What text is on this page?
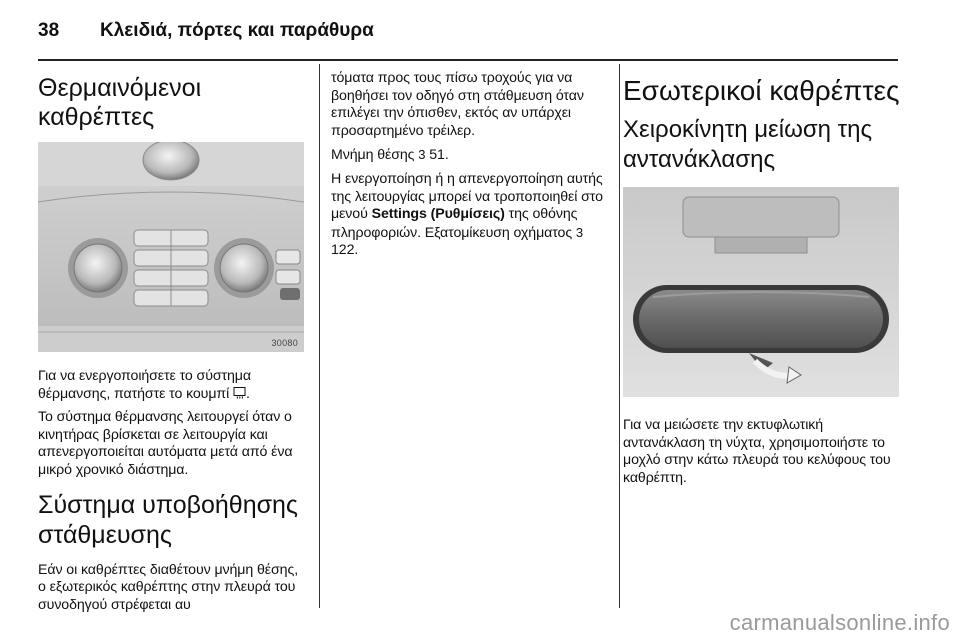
38	Κλειδιά, πόρτες και παράθυρα
Θερμαινόμενοι καθρέπτες
30080

Για να ενεργοποιήσετε το σύστημα θέρμανσης, πατήστε το κουμπί .

Το σύστημα θέρμανσης λειτουργεί όταν ο κινητήρας βρίσκεται σε λειτουργία και απενεργοποιείται αυτόματα μετά από ένα μικρό χρονικό διάστημα.

Σύστημα υποβοήθησης στάθμευσης

Εάν οι καθρέπτες διαθέτουν μνήμη θέσης, ο εξωτερικός καθρέπτης στην πλευρά του συνοδηγού στρέφεται αυ

τόματα προς τους πίσω τροχούς για να βοηθήσει τον οδηγό στη στάθμευση όταν επιλέγει την όπισθεν, εκτός αν υπάρχει προσαρτημένο τρέιλερ.

Μνήμη θέσης 3 51.

Η ενεργοποίηση ή η απενεργοποίηση αυτής της λειτουργίας μπορεί να τροποποιηθεί στο μενού Settings (Ρυθμίσεις) της οθόνης πληροφοριών. Εξατομίκευση οχήματος 3 122.

Εσωτερικοί καθρέπτες
Χειροκίνητη μείωση της αντανάκλασης

Για να μειώσετε την εκτυφλωτική αντανάκλαση τη νύχτα, χρησιμοποιήστε το μοχλό στην κάτω πλευρά του κελύφους του καθρέπτη.

carmanualsonline.info
